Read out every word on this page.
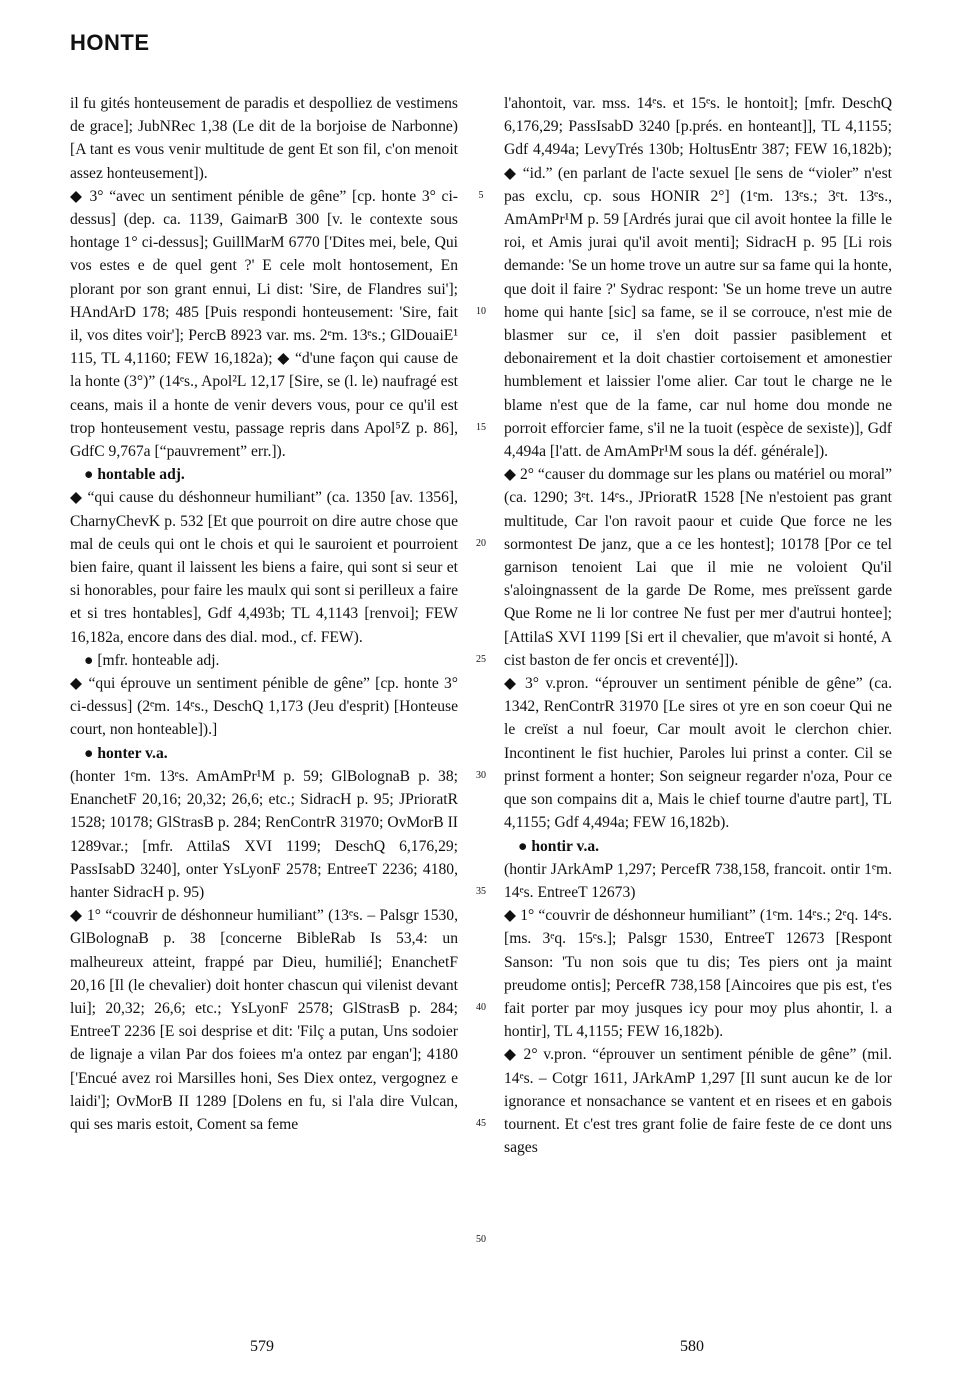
HONTE

il fu gités honteusement de paradis et despolliez de vestimens de grace]; JubNRec 1,38 (Le dit de la borjoise de Narbonne) [A tant es vous venir multitude de gent Et son fil, c'on menoit assez honteusement]).

◆ 3° “avec un sentiment pénible de gêne” [cp. honte 3° ci-dessus] (dep. ca. 1139, GaimarB 300 [v. le contexte sous hontage 1° ci-dessus]; GuillMarM 6770 ['Dites mei, bele, Qui vos estes e de quel gent ?' E cele molt hontosement, En plorant por son grant ennui, Li dist: 'Sire, de Flandres sui']; HAndArD 178; 485 [Puis respondi honteusement: 'Sire, fait il, vos dites voir']; PercB 8923 var. ms. 2ᵉm. 13ᵉs.; GlDouaiE¹ 115, TL 4,1160; FEW 16,182a); ◆ “d'une façon qui cause de la honte (3°)” (14ᵉs., Apol²L 12,17 [Sire, se (l. le) naufragé est ceans, mais il a honte de venir devers vous, pour ce qu'il est trop honteusement vestu, passage repris dans Apol⁵Z p. 86], GdfC 9,767a [“pauvrement” err.]).

● hontable adj.

◆ “qui cause du déshonneur humiliant” (ca. 1350 [av. 1356], CharnyChevK p. 532 [Et que pourroit on dire autre chose que mal de ceuls qui ont le chois et qui le sauroient et pourroient bien faire, quant il laissent les biens a faire, qui sont si seur et si honorables, pour faire les maulx qui sont si perilleux a faire et si tres hontables], Gdf 4,493b; TL 4,1143 [renvoi]; FEW 16,182a, encore dans des dial. mod., cf. FEW).

● [mfr. honteable adj.

◆ “qui éprouve un sentiment pénible de gêne” [cp. honte 3° ci-dessus] (2ᵉm. 14ᵉs., DeschQ 1,173 (Jeu d'esprit) [Honteuse court, non honteable]).]

● honter v.a.

(honter 1ᵉm. 13ᵉs. AmAmPr¹M p. 59; GlBolognaB p. 38; EnanchetF 20,16; 20,32; 26,6; etc.; SidracH p. 95; JPrioratR 1528; 10178; GlStrasB p. 284; RenContrR 31970; OvMorB II 1289var.; [mfr. AttilaS XVI 1199; DeschQ 6,176,29; PassIsabD 3240], onter YsLyonF 2578; EntreeT 2236; 4180, hanter SidracH p. 95)

◆ 1° “couvrir de déshonneur humiliant” (13ᵉs. – Palsgr 1530, GlBolognaB p. 38 [concerne BibleRab Is 53,4: un malheureux atteint, frappé par Dieu, humilié]; EnanchetF 20,16 [Il (le chevalier) doit honter chascun qui vilenist devant lui]; 20,32; 26,6; etc.; YsLyonF 2578; GlStrasB p. 284; EntreeT 2236 [E soi desprise et dit: 'Filç a putan, Uns sodoier de lignaje a vilan Par dos foiees m'a ontez par engan']; 4180 ['Encué avez roi Marsilles honi, Ses Diex ontez, vergognez e laidi']; OvMorB II 1289 [Dolens en fu, si l'ala dire Vulcan, qui ses maris estoit, Coment sa feme

5
10
15
20
25
30
35
40
45
50

l'ahontoit, var. mss. 14ᵉs. et 15ᵉs. le hontoit]; [mfr. DeschQ 6,176,29; PassIsabD 3240 [p.prés. en honteant]], TL 4,1155; Gdf 4,494a; LevyTrés 130b; HoltusEntr 387; FEW 16,182b); ◆ “id.” (en parlant de l'acte sexuel [le sens de “violer” n'est pas exclu, cp. sous HONIR 2°] (1ᵉm. 13ᵉs.; 3ᵉt. 13ᵉs., AmAmPr¹M p. 59 [Ardrés jurai que cil avoit hontee la fille le roi, et Amis jurai qu'il avoit menti]; SidracH p. 95 [Li rois demande: 'Se un home trove un autre sur sa fame qui la honte, que doit il faire ?' Sydrac respont: 'Se un home treve un autre home qui hante [sic] sa fame, se il se corrouce, n'est mie de blasmer sur ce, il s'en doit passier pasiblement et debonairement et la doit chastier cortoisement et amonestier humblement et laissier l'ome alier. Car tout le charge ne le blame n'est que de la fame, car nul home dou monde ne porroit efforcier fame, s'il ne la tuoit (espèce de sexiste)], Gdf 4,494a [l'att. de AmAmPr¹M sous la déf. générale]).

◆ 2° “causer du dommage sur les plans ou matériel ou moral” (ca. 1290; 3ᵉt. 14ᵉs., JPrioratR 1528 [Ne n'estoient pas grant multitude, Car l'on ravoit paour et cuide Que force ne les sormontest De janz, que a ce les hontest]; 10178 [Por ce tel garnison tenoient Lai que il mie ne voloient Qu'il s'aloingnassent de la garde De Rome, mes preïssent garde Que Rome ne li lor contree Ne fust per mer d'autrui hontee]; [AttilaS XVI 1199 [Si ert il chevalier, que m'avoit si honté, A cist baston de fer oncis et creventé]]).

◆ 3° v.pron. “éprouver un sentiment pénible de gêne” (ca. 1342, RenContrR 31970 [Le sires ot yre en son coeur Qui ne le creïst a nul foeur, Car moult avoit le clerchon chier. Incontinent le fist huchier, Paroles lui prinst a conter. Cil se prinst forment a honter; Son seigneur regarder n'oza, Pour ce que son compains dit a, Mais le chief tourne d'autre part], TL 4,1155; Gdf 4,494a; FEW 16,182b).

● hontir v.a.

(hontir JArkAmP 1,297; PercefR 738,158, francoit. ontir 1ᵉm. 14ᵉs. EntreeT 12673)

◆ 1° “couvrir de déshonneur humiliant” (1ᵉm. 14ᵉs.; 2ᵉq. 14ᵉs. [ms. 3ᵉq. 15ᵉs.]; Palsgr 1530, EntreeT 12673 [Respont Sanson: 'Tu non sois que tu dis; Tes piers ont ja maint preudome ontis]; PercefR 738,158 [Aincoires que pis est, t'es fait porter par moy jusques icy pour moy plus ahontir, l. a hontir], TL 4,1155; FEW 16,182b).

◆ 2° v.pron. “éprouver un sentiment pénible de gêne” (mil. 14ᵉs. – Cotgr 1611, JArkAmP 1,297 [Il sunt aucun ke de lor ignorance et nonsachance se vantent et en risees et en gabois tournent. Et c'est tres grant folie de faire feste de ce dont uns sages

579	580
